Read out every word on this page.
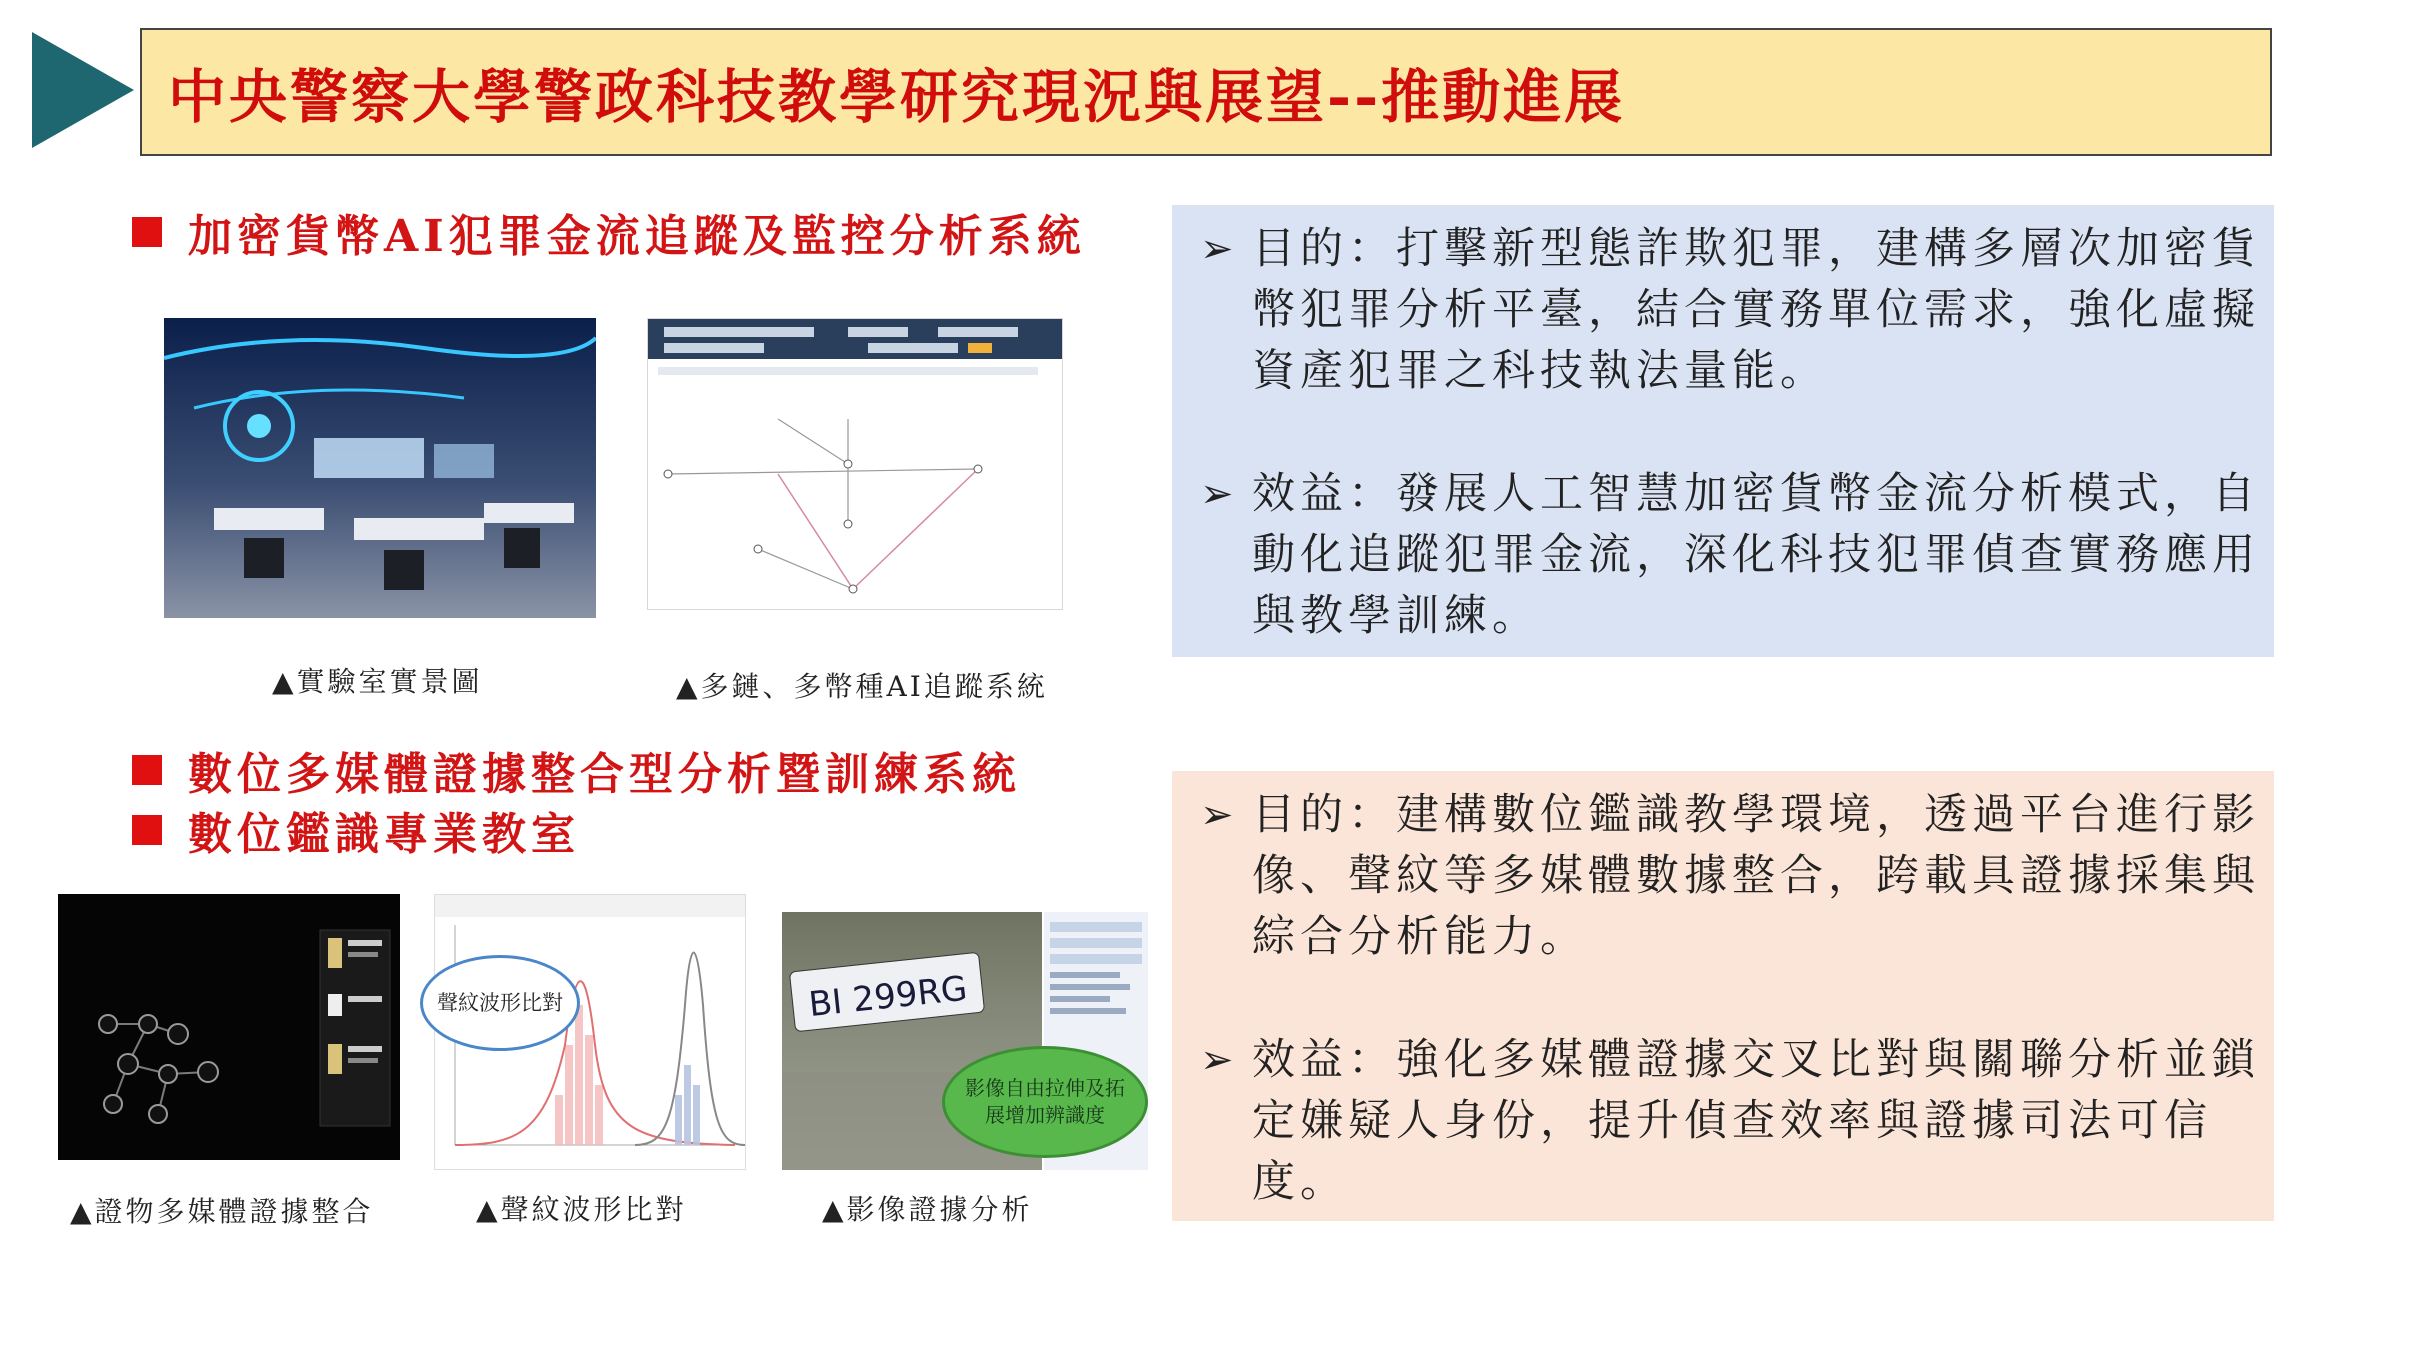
中央警察大學警政科技教學研究現況與展望--推動進展
加密貨幣AI犯罪金流追蹤及監控分析系統
▲實驗室實景圖	▲多鏈、多幣種AI追蹤系統
➢ 目的：打擊新型態詐欺犯罪，建構多層次加密貨幣犯罪分析平臺，結合實務單位需求，強化虛擬資產犯罪之科技執法量能。
➢ 效益：發展人工智慧加密貨幣金流分析模式，自動化追蹤犯罪金流，深化科技犯罪偵查實務應用與教學訓練。
數位多媒體證據整合型分析暨訓練系統
數位鑑識專業教室
聲紋波形比對	BI 299RG
影像自由拉伸及拓展增加辨識度
▲證物多媒體證據整合	▲聲紋波形比對	▲影像證據分析
➢ 目的：建構數位鑑識教學環境，透過平台進行影像、聲紋等多媒體數據整合，跨載具證據採集與綜合分析能力。
➢ 效益：強化多媒體證據交叉比對與關聯分析並鎖定嫌疑人身份，提升偵查效率與證據司法可信度。
